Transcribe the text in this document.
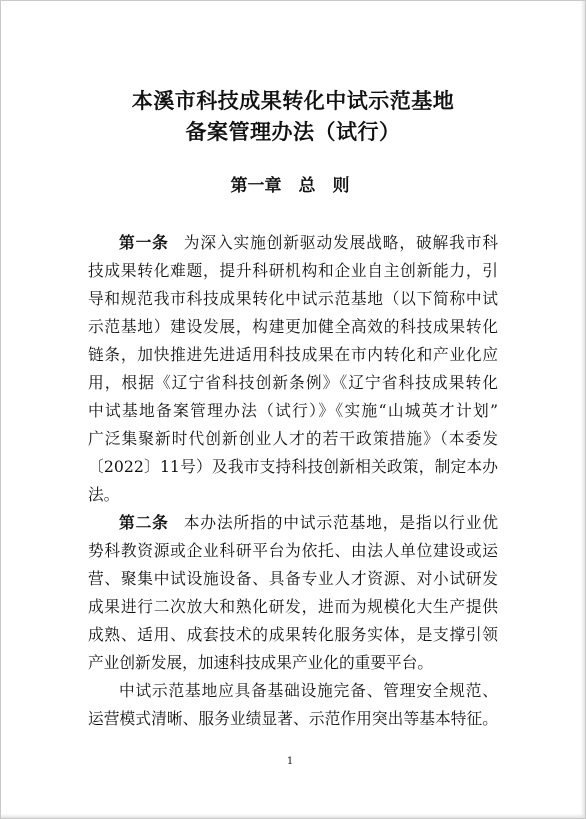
本溪市科技成果转化中试示范基地
备案管理办法（试行）
第一章　总　则
第一条 为深入实施创新驱动发展战略，破解我市科
技成果转化难题，提升科研机构和企业自主创新能力，引
导和规范我市科技成果转化中试示范基地（以下简称中试
示范基地）建设发展，构建更加健全高效的科技成果转化
链条，加快推进先进适用科技成果在市内转化和产业化应
用，根据《辽宁省科技创新条例》《辽宁省科技成果转化
中试基地备案管理办法（试行）》《实施“山城英才计划”
广泛集聚新时代创新创业人才的若干政策措施》（本委发
〔2022〕11号）及我市支持科技创新相关政策，制定本办
法。
第二条 本办法所指的中试示范基地，是指以行业优
势科教资源或企业科研平台为依托、由法人单位建设或运
营、聚集中试设施设备、具备专业人才资源、对小试研发
成果进行二次放大和熟化研发，进而为规模化大生产提供
成熟、适用、成套技术的成果转化服务实体，是支撑引领
产业创新发展，加速科技成果产业化的重要平台。
中试示范基地应具备基础设施完备、管理安全规范、
运营模式清晰、服务业绩显著、示范作用突出等基本特征。
1
